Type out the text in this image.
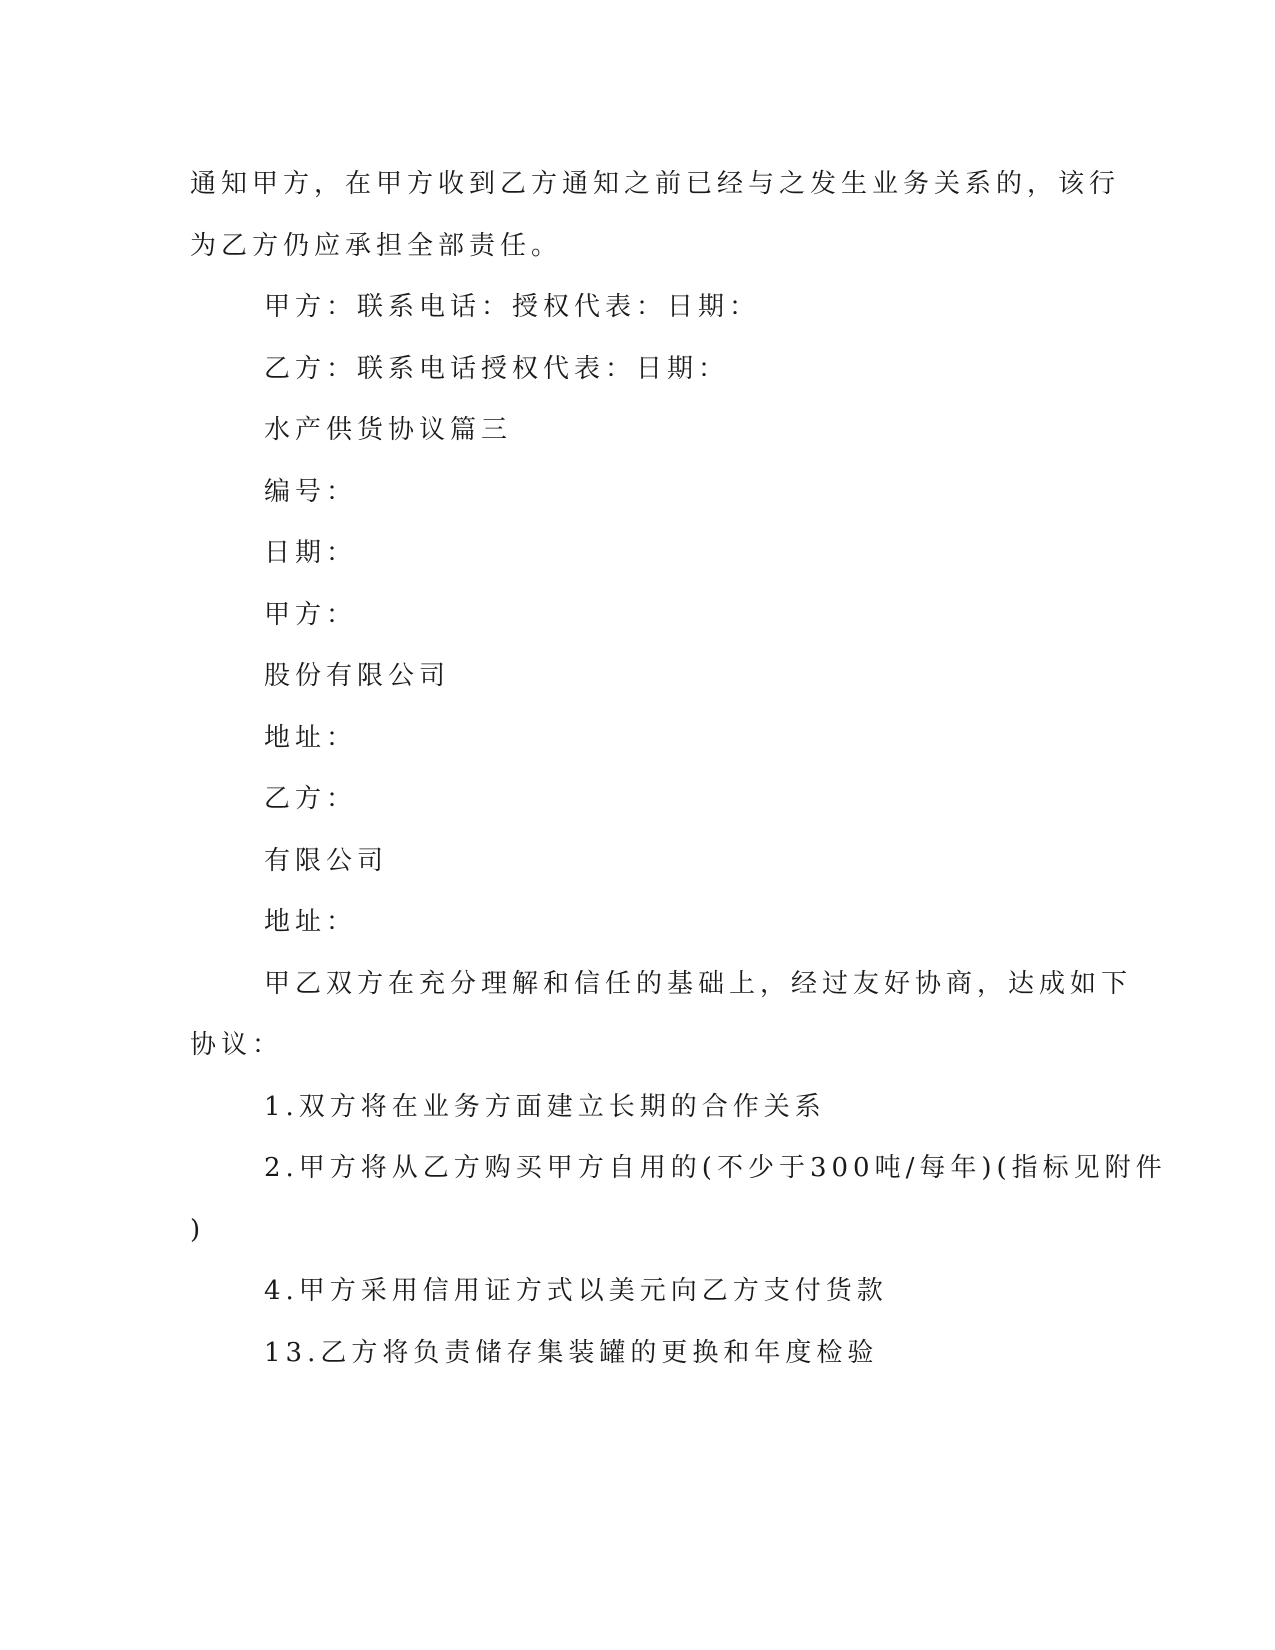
通知甲方，在甲方收到乙方通知之前已经与之发生业务关系的，该行

为乙方仍应承担全部责任。

甲方：联系电话：授权代表：日期：

乙方：联系电话授权代表：日期：

水产供货协议篇三

编号：

日期：

甲方：

股份有限公司

地址：

乙方：

有限公司

地址：

甲乙双方在充分理解和信任的基础上，经过友好协商，达成如下

协议：

1.双方将在业务方面建立长期的合作关系

2.甲方将从乙方购买甲方自用的(不少于300吨/每年)(指标见附件

)

4.甲方采用信用证方式以美元向乙方支付货款

13.乙方将负责储存集装罐的更换和年度检验
